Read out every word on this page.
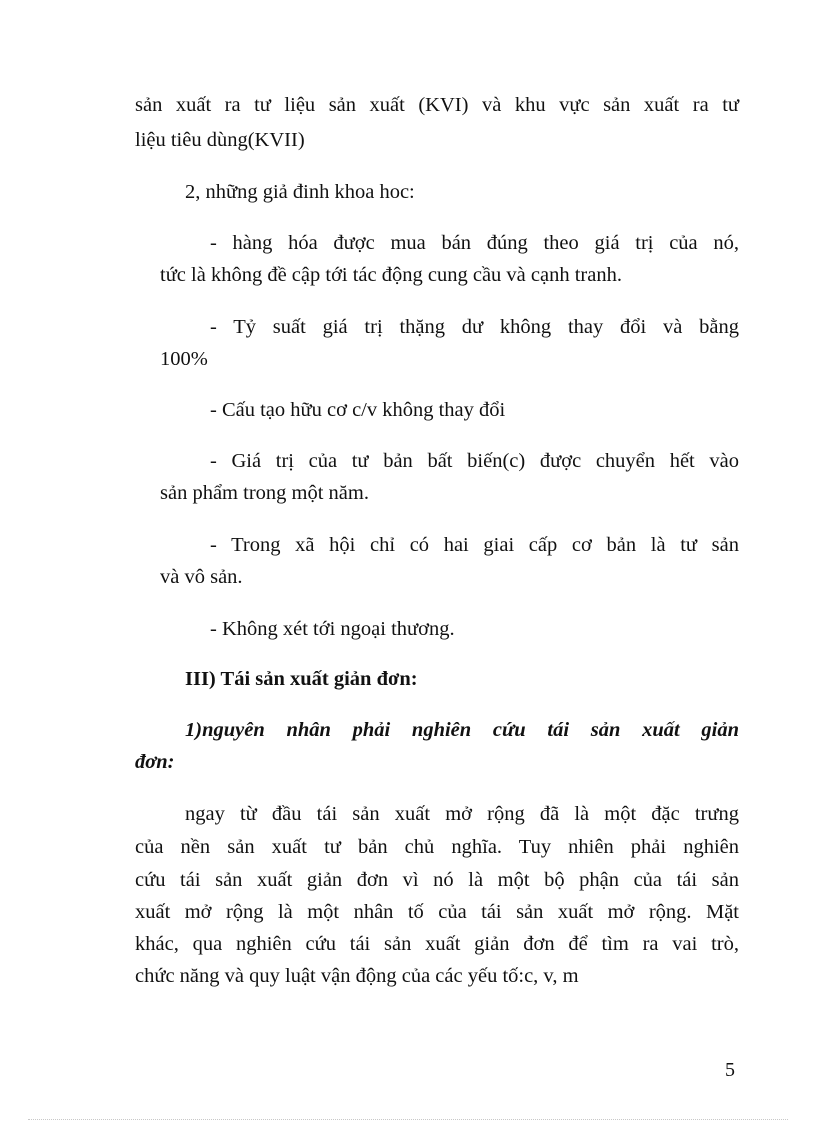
sản xuất ra tư liệu sản xuất (KVI) và khu vực sản xuất ra tư
liệu tiêu dùng(KVII)
2, những giả đinh khoa hoc:
- hàng hóa được mua bán đúng theo giá trị của nó,
tức là không đề cập tới tác động cung cầu và cạnh tranh.
- Tỷ suất giá trị thặng dư không thay đổi và bằng
100%
- Cấu tạo hữu cơ c/v không thay đổi
- Giá trị của tư bản bất biến(c) được chuyển hết vào
sản phẩm trong một năm.
- Trong xã hội chỉ có hai giai cấp cơ bản là tư sản
và vô sản.
- Không xét tới ngoại thương.
III) Tái sản xuất giản đơn:
1)nguyên nhân phải nghiên cứu tái sản xuất giản
đơn:
ngay từ đầu tái sản xuất mở rộng đã là một đặc trưng
của nền sản xuất tư bản chủ nghĩa. Tuy nhiên phải nghiên
cứu tái sản xuất giản đơn vì nó là một bộ phận của tái sản
xuất mở rộng là một nhân tố của tái sản xuất mở rộng. Mặt
khác, qua nghiên cứu tái sản xuất giản đơn để tìm ra vai trò,
chức năng và quy luật vận động của các yếu tố:c, v, m
5
